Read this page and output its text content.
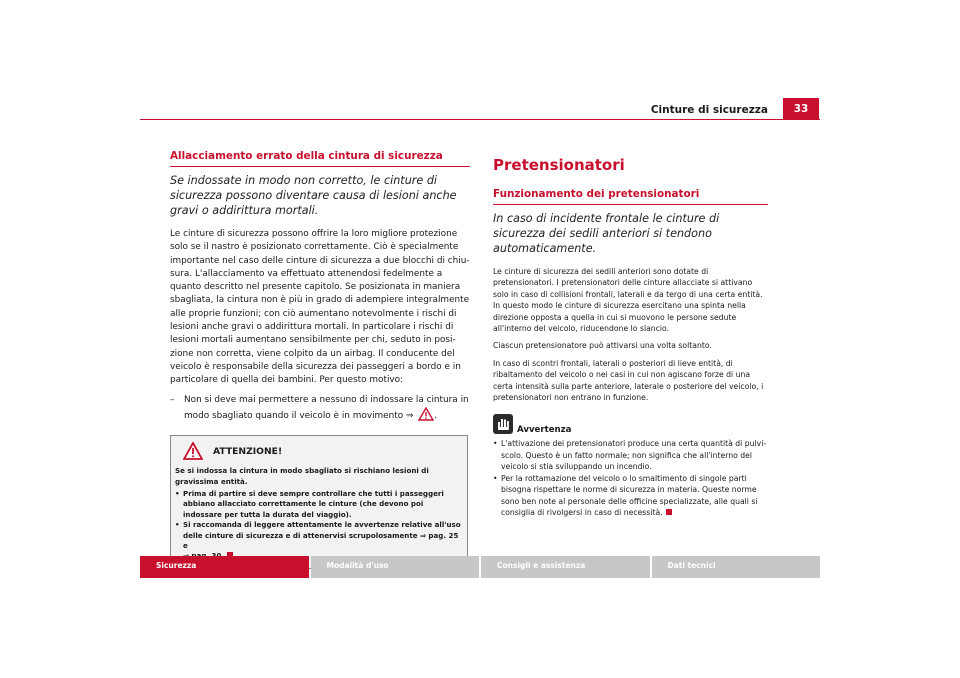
Cinture di sicurezza	33
Allacciamento errato della cintura di sicurezza

Se indossate in modo non corretto, le cinture di sicurezza possono diventare causa di lesioni anche gravi o addirittura mortali.

Le cinture di sicurezza possono offrire la loro migliore protezione solo se il nastro è posizionato correttamente. Ciò è specialmente importante nel caso delle cinture di sicurezza a due blocchi di chiu-sura. L'allacciamento va effettuato attenendosi fedelmente a quanto descritto nel presente capitolo. Se posizionata in maniera sbagliata, la cintura non è più in grado di adempiere integralmente alle proprie funzioni; con ciò aumentano notevolmente i rischi di lesioni anche gravi o addirittura mortali. In particolare i rischi di lesioni mortali aumentano sensibilmente per chi, seduto in posi-zione non corretta, viene colpito da un airbag. Il conducente del veicolo è responsabile della sicurezza dei passeggeri a bordo e in particolare di quella dei bambini. Per questo motivo:

–	Non si deve mai permettere a nessuno di indossare la cintura in modo sbagliato quando il veicolo è in movimento ⇒ .
ATTENZIONE!

Se si indossa la cintura in modo sbagliato si rischiano lesioni di gravissima entità.

• Prima di partire si deve sempre controllare che tutti i passeggeri abbiano allacciato correttamente le cinture (che devono poi indossare per tutta la durata del viaggio).
• Si raccomanda di leggere attentamente le avvertenze relative all'uso delle cinture di sicurezza e di attenervisi scrupolosamente ⇒ pag. 25 e

Pretensionatori
Funzionamento dei pretensionatori

In caso di incidente frontale le cinture di sicurezza dei sedili anteriori si tendono automaticamente.

Le cinture di sicurezza dei sedili anteriori sono dotate di pretensionatori. I pretensionatori delle cinture allacciate si attivano solo in caso di collisioni frontali, laterali e da tergo di una certa entità. In questo modo le cinture di sicurezza esercitano una spinta nella direzione opposta a quella in cui si muovono le persone sedute all'interno del veicolo, riducendone lo slancio.

Ciascun pretensionatore può attivarsi una volta soltanto.

In caso di scontri frontali, laterali o posteriori di lieve entità, di ribaltamento del veicolo o nei casi in cui non agiscano forze di una certa intensità sulla parte anteriore, laterale o posteriore del veicolo, i pretensionatori non entrano in funzione.

Avvertenza
• L'attivazione dei pretensionatori produce una certa quantità di pulvi-scolo. Questo è un fatto normale; non significa che all'interno del veicolo si stia sviluppando un incendio.
• Per la rottamazione del veicolo o lo smaltimento di singole parti bisogna rispettare le norme di sicurezza in materia. Queste norme sono ben note al personale delle officine specializzate, alle quali si consiglia di rivolgersi in caso di necessità.
Sicurezza	Modalità d'uso	Consigli e assistenza	Dati tecnici
